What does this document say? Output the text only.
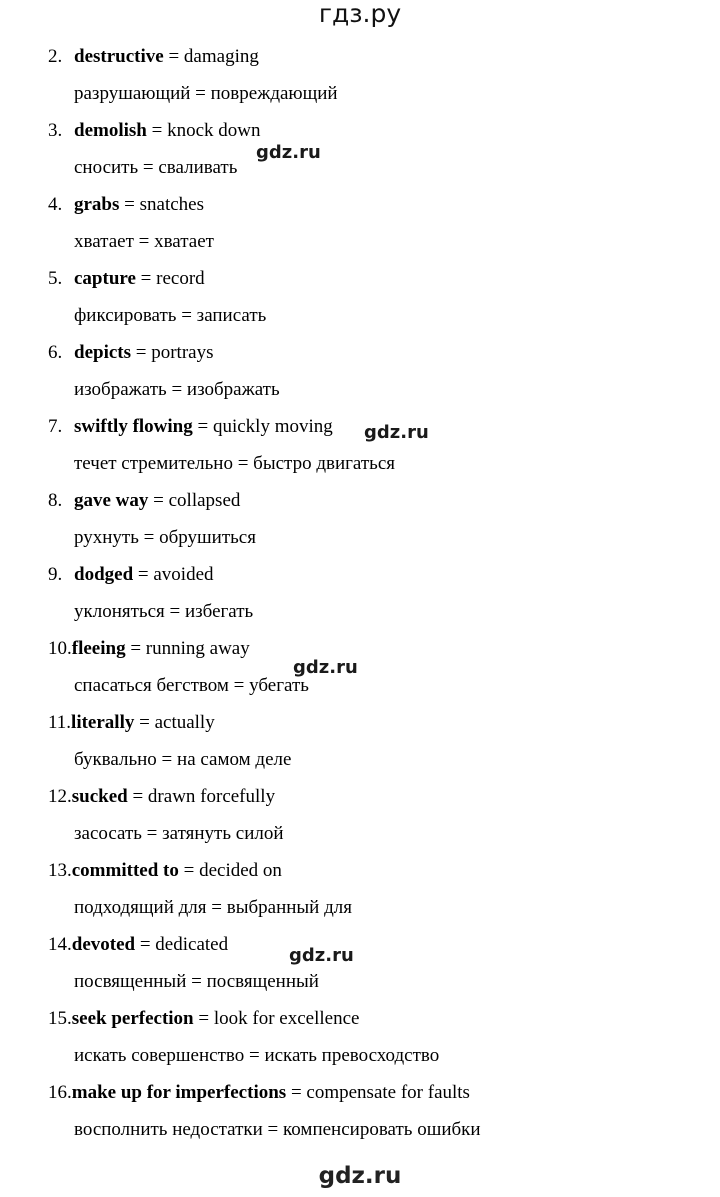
гдз.ру
2. destructive = damaging
разрушающий = повреждающий
3. demolish = knock down
сносить = сваливать
4. grabs = snatches
хватает = хватает
5. capture = record
фиксировать = записать
6. depicts = portrays
изображать = изображать
7. swiftly flowing = quickly moving
течет стремительно = быстро двигаться
8. gave way = collapsed
рухнуть = обрушиться
9. dodged = avoided
уклоняться = избегать
10.fleeing = running away
спасаться бегством = убегать
11.literally = actually
буквально = на самом деле
12.sucked = drawn forcefully
засосать = затянуть силой
13.committed to = decided on
подходящий для = выбранный для
14.devoted = dedicated
посвященный = посвященный
15.seek perfection = look for excellence
искать совершенство = искать превосходство
16.make up for imperfections = compensate for faults
восполнить недостатки = компенсировать ошибки
gdz.ru
gdz.ru
gdz.ru
gdz.ru
gdz.ru
